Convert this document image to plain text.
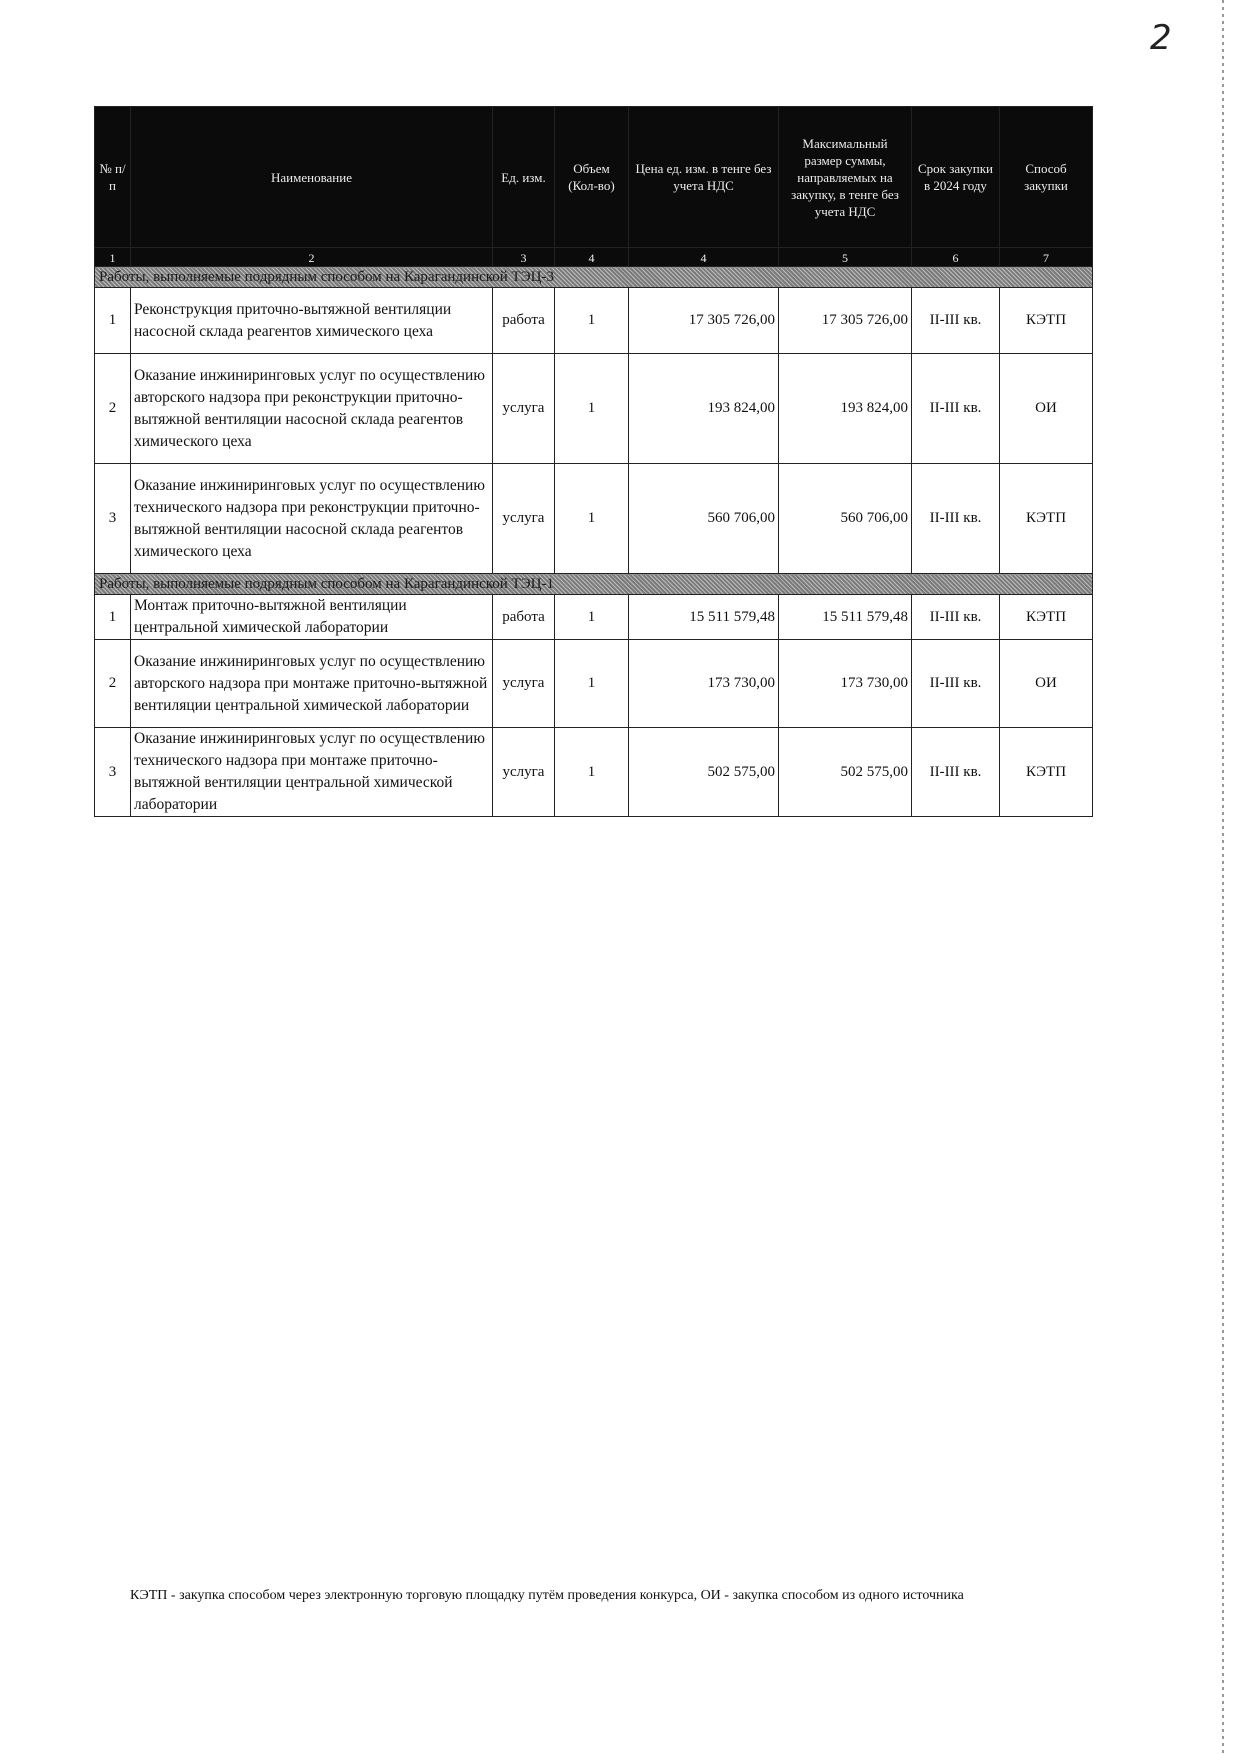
2
№ п/п	Наименование	Ед. изм.	Объем (Кол-во)	Цена ед. изм. в тенге без учета НДС	Максимальный размер суммы, направляемых на закупку, в тенге без учета НДС	Срок закупки в 2024 году	Способ закупки
1	2	3	4	4	5	6	7
Работы, выполняемые подрядным способом на Карагандинской ТЭЦ-3							
1	Реконструкция приточно-вытяжной вентиляции насосной склада реагентов химического цеха	работа	1	17 305 726,00	17 305 726,00	II-III кв.	КЭТП
2	Оказание инжиниринговых услуг по осуществлению авторского надзора при реконструкции приточно-вытяжной вентиляции насосной склада реагентов химического цеха	услуга	1	193 824,00	193 824,00	II-III кв.	ОИ
3	Оказание инжиниринговых услуг по осуществлению технического надзора при реконструкции приточно-вытяжной вентиляции насосной склада реагентов химического цеха	услуга	1	560 706,00	560 706,00	II-III кв.	КЭТП
Работы, выполняемые подрядным способом на Карагандинской ТЭЦ-1							
1	Монтаж приточно-вытяжной вентиляции центральной химической лаборатории	работа	1	15 511 579,48	15 511 579,48	II-III кв.	КЭТП
2	Оказание инжиниринговых услуг по осуществлению авторского надзора при монтаже приточно-вытяжной вентиляции центральной химической лаборатории	услуга	1	173 730,00	173 730,00	II-III кв.	ОИ
3	Оказание инжиниринговых услуг по осуществлению технического надзора при монтаже приточно-вытяжной вентиляции центральной химической лаборатории	услуга	1	502 575,00	502 575,00	II-III кв.	КЭТП
КЭТП - закупка способом через электронную торговую площадку путём проведения конкурса, ОИ - закупка способом из одного источника
